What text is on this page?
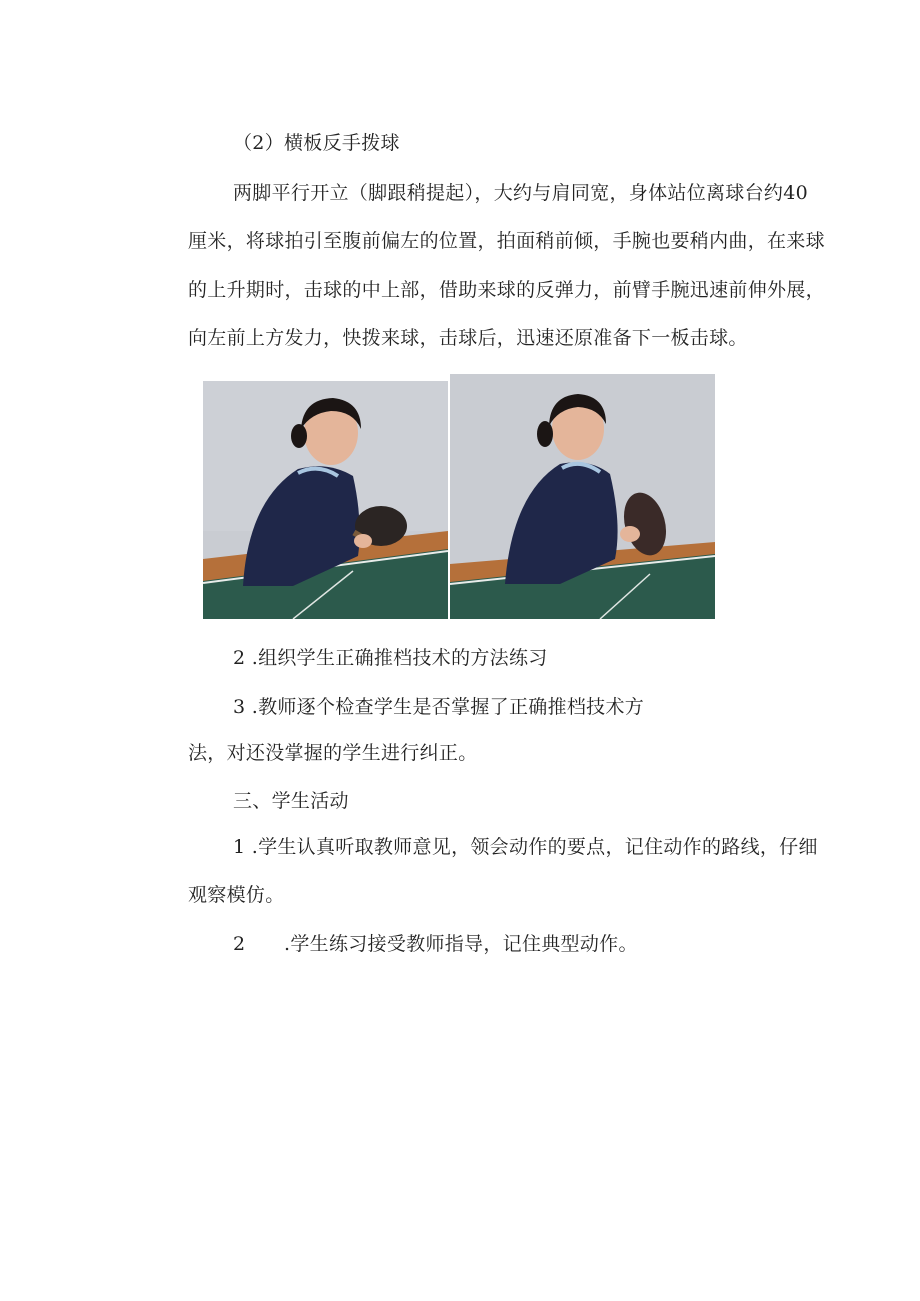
（2）横板反手拨球
两脚平行开立（脚跟稍提起），大约与肩同宽，身体站位离球台约40
厘米，将球拍引至腹前偏左的位置，拍面稍前倾，手腕也要稍内曲，在来球
的上升期时，击球的中上部，借助来球的反弹力，前臂手腕迅速前伸外展，
向左前上方发力，快拨来球，击球后，迅速还原准备下一板击球。
2 .组织学生正确推档技术的方法练习
3 .教师逐个检查学生是否掌握了正确推档技术方
法，对还没掌握的学生进行纠正。
三、学生活动
1 .学生认真听取教师意见，领会动作的要点，记住动作的路线，仔细
观察模仿。
2 .学生练习接受教师指导，记住典型动作。
